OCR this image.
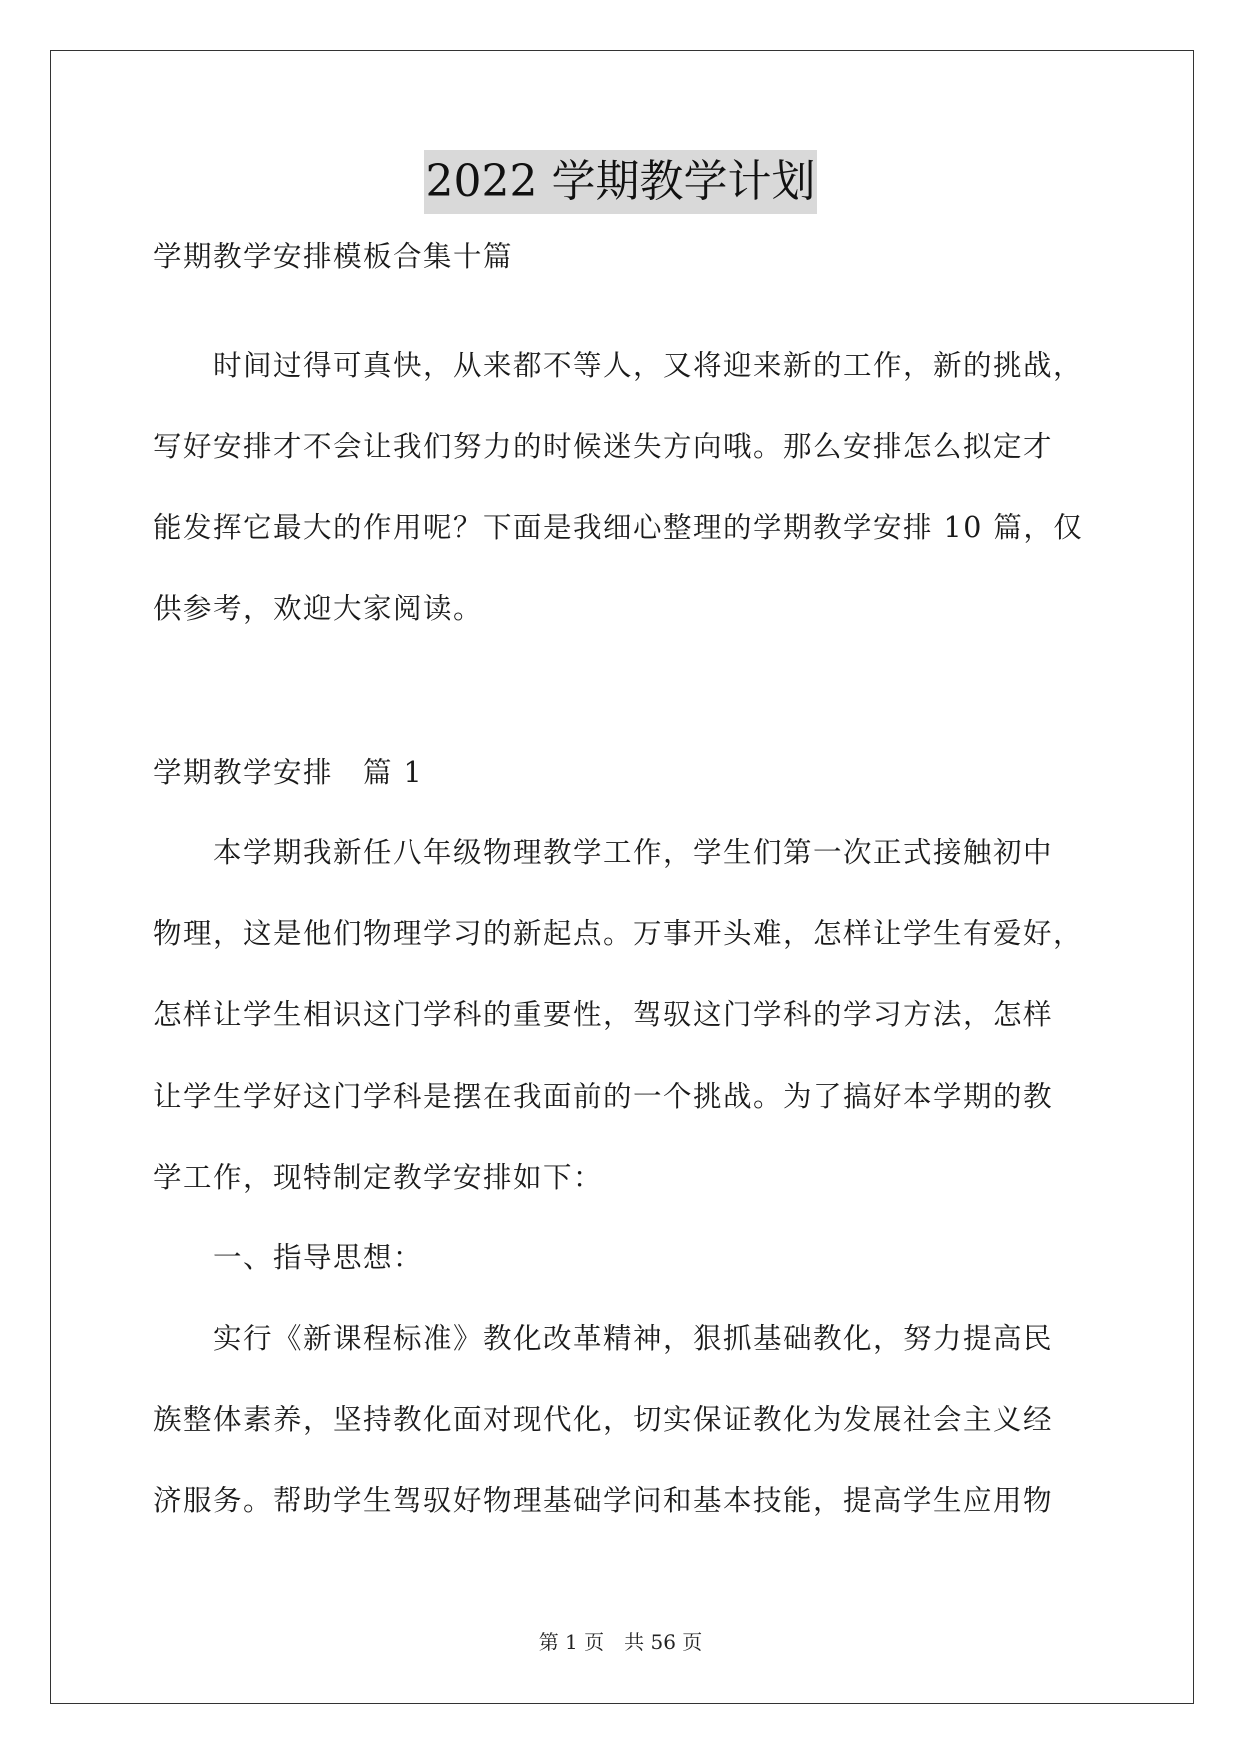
2022 学期教学计划
学期教学安排模板合集十篇
　　时间过得可真快，从来都不等人，又将迎来新的工作，新的挑战，
写好安排才不会让我们努力的时候迷失方向哦。那么安排怎么拟定才
能发挥它最大的作用呢？下面是我细心整理的学期教学安排 10 篇，仅
供参考，欢迎大家阅读。
学期教学安排　篇 1
　　本学期我新任八年级物理教学工作，学生们第一次正式接触初中
物理，这是他们物理学习的新起点。万事开头难，怎样让学生有爱好，
怎样让学生相识这门学科的重要性，驾驭这门学科的学习方法，怎样
让学生学好这门学科是摆在我面前的一个挑战。为了搞好本学期的教
学工作，现特制定教学安排如下：
　　一、指导思想：
　　实行《新课程标准》教化改革精神，狠抓基础教化，努力提高民
族整体素养，坚持教化面对现代化，切实保证教化为发展社会主义经
济服务。帮助学生驾驭好物理基础学问和基本技能，提高学生应用物
第 1 页　共 56 页
